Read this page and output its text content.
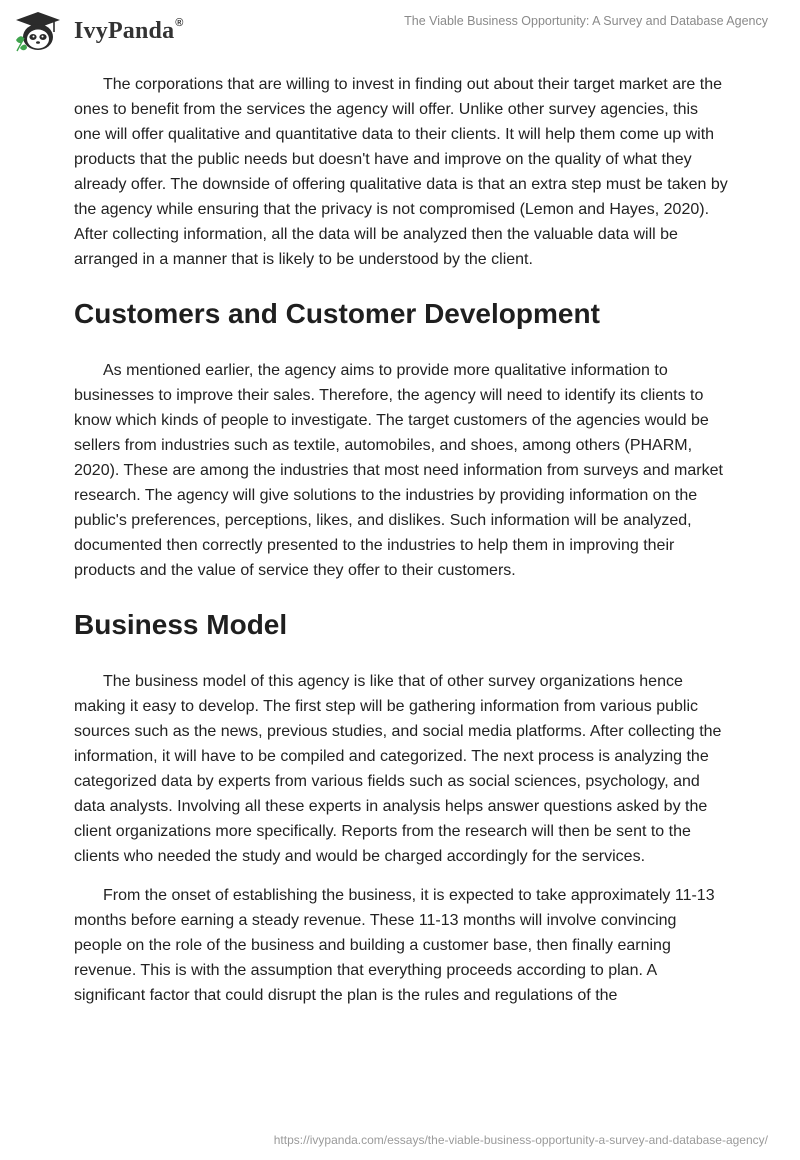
IvyPanda®	The Viable Business Opportunity: A Survey and Database Agency

The corporations that are willing to invest in finding out about their target market are the ones to benefit from the services the agency will offer. Unlike other survey agencies, this one will offer qualitative and quantitative data to their clients. It will help them come up with products that the public needs but doesn't have and improve on the quality of what they already offer. The downside of offering qualitative data is that an extra step must be taken by the agency while ensuring that the privacy is not compromised (Lemon and Hayes, 2020). After collecting information, all the data will be analyzed then the valuable data will be arranged in a manner that is likely to be understood by the client.

Customers and Customer Development

As mentioned earlier, the agency aims to provide more qualitative information to businesses to improve their sales. Therefore, the agency will need to identify its clients to know which kinds of people to investigate. The target customers of the agencies would be sellers from industries such as textile, automobiles, and shoes, among others (PHARM, 2020). These are among the industries that most need information from surveys and market research. The agency will give solutions to the industries by providing information on the public's preferences, perceptions, likes, and dislikes. Such information will be analyzed, documented then correctly presented to the industries to help them in improving their products and the value of service they offer to their customers.

Business Model

The business model of this agency is like that of other survey organizations hence making it easy to develop. The first step will be gathering information from various public sources such as the news, previous studies, and social media platforms. After collecting the information, it will have to be compiled and categorized. The next process is analyzing the categorized data by experts from various fields such as social sciences, psychology, and data analysts. Involving all these experts in analysis helps answer questions asked by the client organizations more specifically. Reports from the research will then be sent to the clients who needed the study and would be charged accordingly for the services.

From the onset of establishing the business, it is expected to take approximately 11-13 months before earning a steady revenue. These 11-13 months will involve convincing people on the role of the business and building a customer base, then finally earning revenue. This is with the assumption that everything proceeds according to plan. A significant factor that could disrupt the plan is the rules and regulations of the

https://ivypanda.com/essays/the-viable-business-opportunity-a-survey-and-database-agency/
